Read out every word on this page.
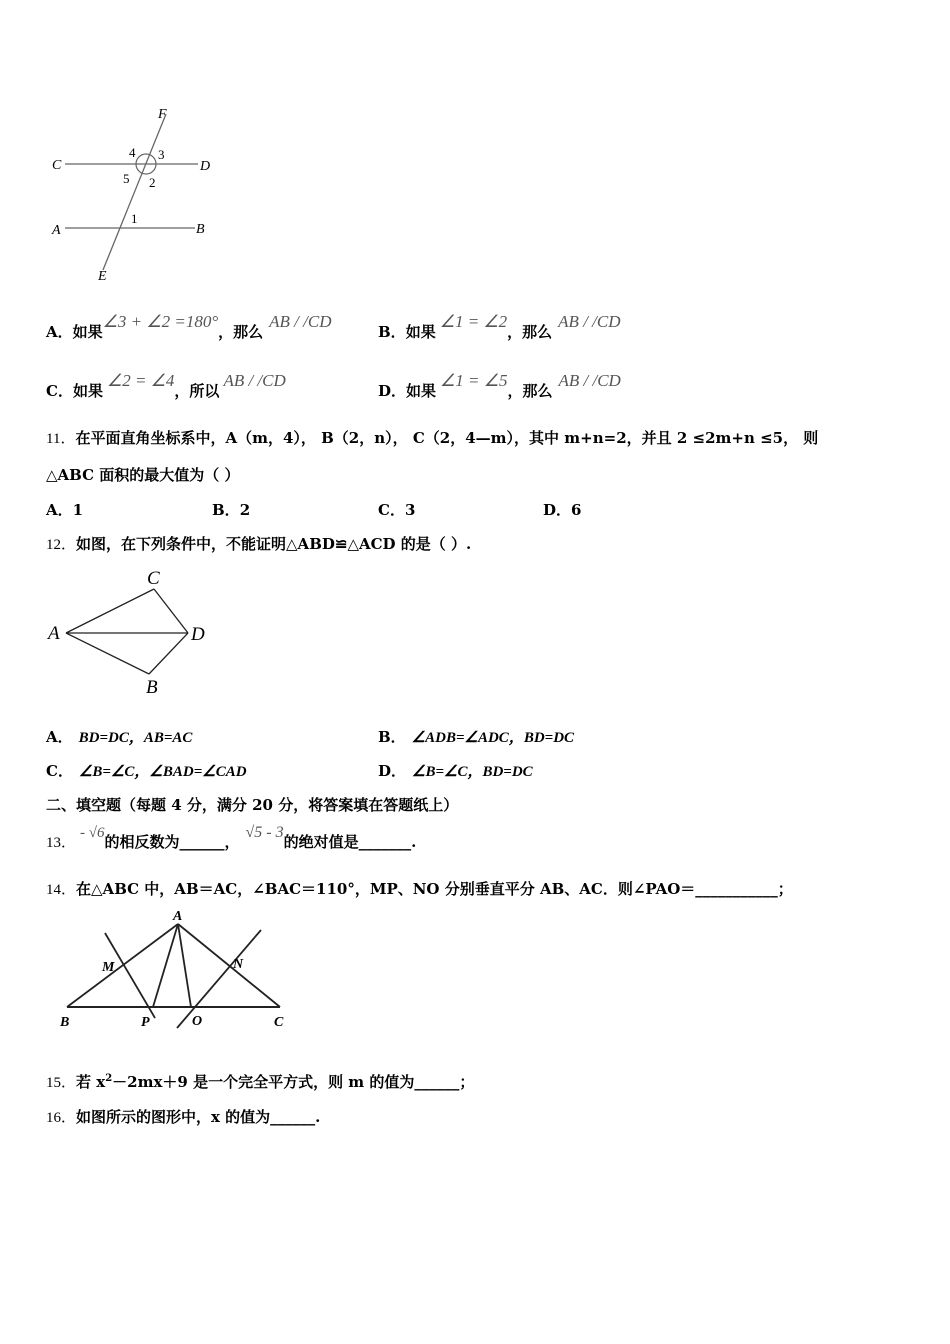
F
C	D
A	B
E
4 3
5 2
1
A．如果∠3 + ∠2 =180°，那么AB / /CD
B．如果∠1 = ∠2，那么AB / /CD
C．如果∠2 = ∠4，所以AB / /CD
D．如果∠1 = ∠5，那么AB / /CD
11．在平面直角坐标系中，A（m，4）， B（2，n）， C（2，4—m），其中 m+n=2，并且 2 ≤2m+n ≤5， 则
△ABC 面积的最大值为（ ）
A．1	B．2	C．3	D．6
12．如图，在下列条件中，不能证明△ABD≌△ACD 的是（ ）.
C
A	D
B
A． BD=DC，AB=AC	B． ∠ADB=∠ADC，BD=DC
C． ∠B=∠C，∠BAD=∠CAD	D． ∠B=∠C，BD=DC
二、填空题（每题 4 分，满分 20 分，将答案填在答题纸上）
13．- √6的相反数为______，√5 - 3的绝对值是_______.
14．在△ABC 中，AB＝AC，∠BAC＝110°，MP、NO 分别垂直平分 AB、AC．则∠PAO＝___________；
A
M	N
B	P	O	C
15．若 $x^2-2mx+9$ 是一个完全平方式，则 m 的值为______；
16．如图所示的图形中，x 的值为______.
